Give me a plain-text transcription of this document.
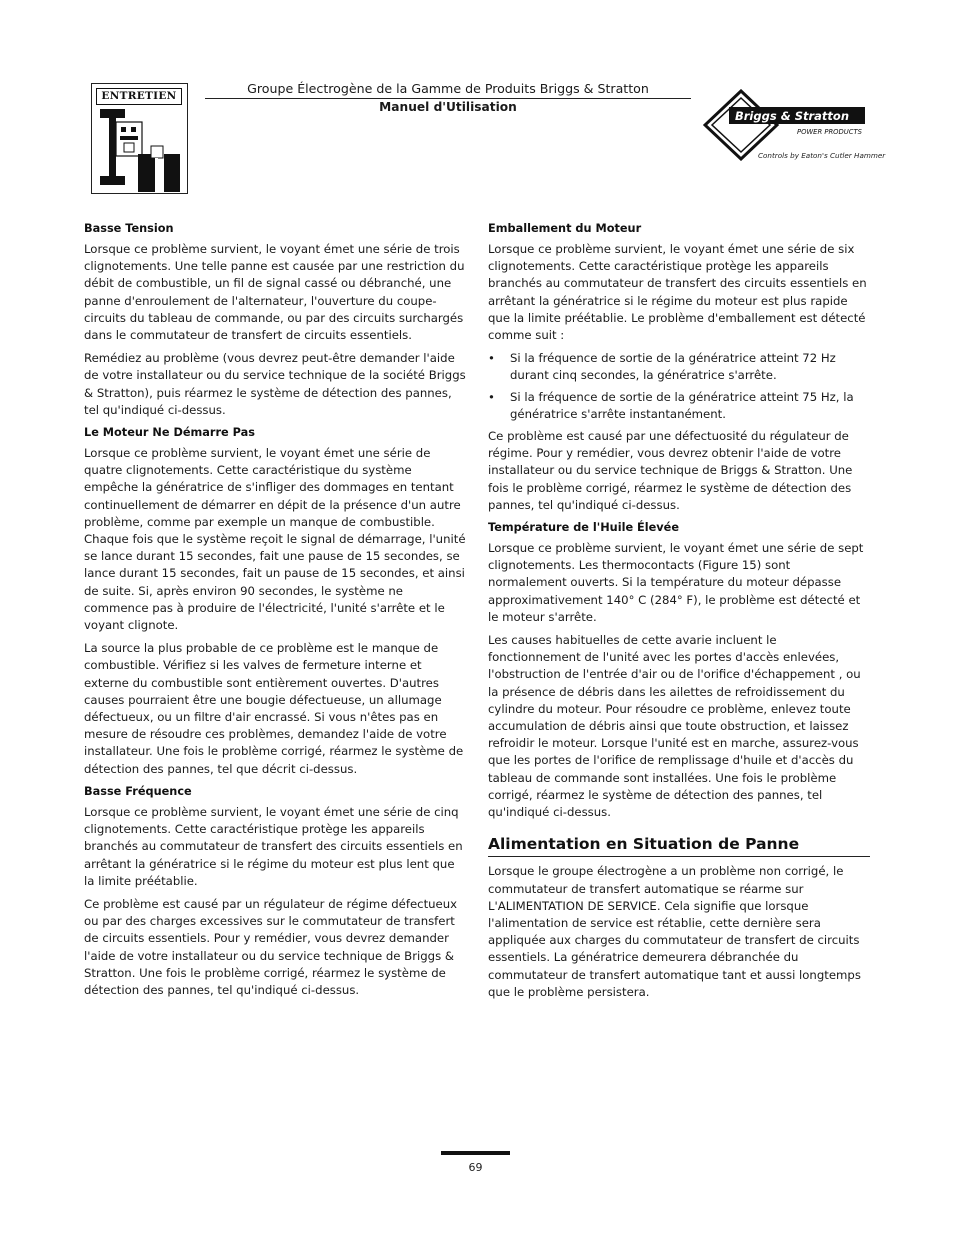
ENTRETIEN	Groupe Électrogène de la Gamme de Produits Briggs & Stratton
Manuel d'Utilisation
Briggs & Stratton
POWER PRODUCTS
Controls by Eaton's Cutler Hammer
Basse Tension

Lorsque ce problème survient, le voyant émet une série de trois clignotements. Une telle panne est causée par une restriction du débit de combustible, un fil de signal cassé ou débranché, une panne d'enroulement de l'alternateur, l'ouverture du coupe-circuits du tableau de commande, ou par des circuits surchargés dans le commutateur de transfert de circuits essentiels.

Remédiez au problème (vous devrez peut-être demander l'aide de votre installateur ou du service technique de la société Briggs & Stratton), puis réarmez le système de détection des pannes, tel qu'indiqué ci-dessus.

Le Moteur Ne Démarre Pas

Lorsque ce problème survient, le voyant émet une série de quatre clignotements. Cette caractéristique du système empêche la génératrice de s'infliger des dommages en tentant continuellement de démarrer en dépit de la présence d'un autre problème, comme par exemple un manque de combustible. Chaque fois que le système reçoit le signal de démarrage, l'unité se lance durant 15 secondes, fait une pause de 15 secondes, se lance durant 15 secondes, fait un pause de 15 secondes, et ainsi de suite. Si, après environ 90 secondes, le système ne commence pas à produire de l'électricité, l'unité s'arrête et le voyant clignote.

La source la plus probable de ce problème est le manque de combustible. Vérifiez si les valves de fermeture interne et externe du combustible sont entièrement ouvertes. D'autres causes pourraient être une bougie défectueuse, un allumage défectueux, ou un filtre d'air encrassé. Si vous n'êtes pas en mesure de résoudre ces problèmes, demandez l'aide de votre installateur. Une fois le problème corrigé, réarmez le système de détection des pannes, tel que décrit ci-dessus.

Basse Fréquence

Lorsque ce problème survient, le voyant émet une série de cinq clignotements. Cette caractéristique protège les appareils branchés au commutateur de transfert des circuits essentiels en arrêtant la génératrice si le régime du moteur est plus lent que la limite préétablie.

Ce problème est causé par un régulateur de régime défectueux ou par des charges excessives sur le commutateur de transfert de circuits essentiels. Pour y remédier, vous devrez demander l'aide de votre installateur ou du service technique de Briggs & Stratton. Une fois le problème corrigé, réarmez le système de détection des pannes, tel qu'indiqué ci-dessus.

Emballement du Moteur

Lorsque ce problème survient, le voyant émet une série de six clignotements. Cette caractéristique protège les appareils branchés au commutateur de transfert des circuits essentiels en arrêtant la génératrice si le régime du moteur est plus rapide que la limite préétablie. Le problème d'emballement est détecté comme suit :

• Si la fréquence de sortie de la génératrice atteint 72 Hz durant cinq secondes, la génératrice s'arrête.
• Si la fréquence de sortie de la génératrice atteint 75 Hz, la génératrice s'arrête instantanément.

Ce problème est causé par une défectuosité du régulateur de régime. Pour y remédier, vous devrez obtenir l'aide de votre installateur ou du service technique de Briggs & Stratton. Une fois le problème corrigé, réarmez le système de détection des pannes, tel qu'indiqué ci-dessus.

Température de l'Huile Élevée

Lorsque ce problème survient, le voyant émet une série de sept clignotements. Les thermocontacts (Figure 15) sont normalement ouverts. Si la température du moteur dépasse approximativement 140° C (284° F), le problème est détecté et le moteur s'arrête.

Les causes habituelles de cette avarie incluent le fonctionnement de l'unité avec les portes d'accès enlevées, l'obstruction de l'entrée d'air ou de l'orifice d'échappement , ou la présence de débris dans les ailettes de refroidissement du cylindre du moteur. Pour résoudre ce problème, enlevez toute accumulation de débris ainsi que toute obstruction, et laissez refroidir le moteur. Lorsque l'unité est en marche, assurez-vous que les portes de l'orifice de remplissage d'huile et d'accès du tableau de commande sont installées. Une fois le problème corrigé, réarmez le système de détection des pannes, tel qu'indiqué ci-dessus.

Alimentation en Situation de Panne

Lorsque le groupe électrogène a un problème non corrigé, le commutateur de transfert automatique se réarme sur L'ALIMENTATION DE SERVICE. Cela signifie que lorsque l'alimentation de service est rétablie, cette dernière sera appliquée aux charges du commutateur de transfert de circuits essentiels. La génératrice demeurera débranchée du commutateur de transfert automatique tant et aussi longtemps que le problème persistera.

69
